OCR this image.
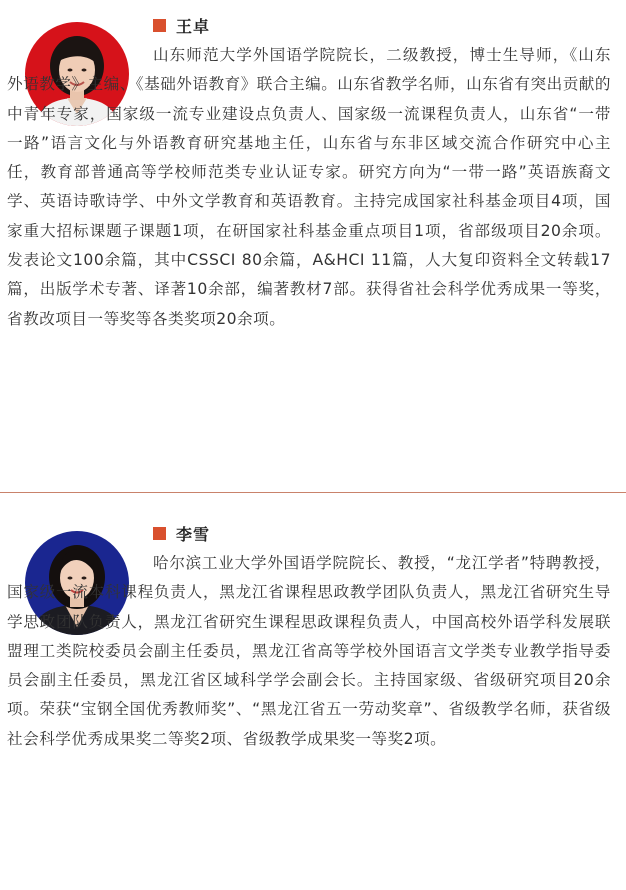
王卓

山东师范大学外国语学院院长，二级教授，博士生导师，《山东外语教学》主编、《基础外语教育》联合主编。山东省教学名师，山东省有突出贡献的中青年专家，国家级一流专业建设点负责人、国家级一流课程负责人，山东省“一带一路”语言文化与外语教育研究基地主任，山东省与东非区域交流合作研究中心主任，教育部普通高等学校师范类专业认证专家。研究方向为“一带一路”英语族裔文学、英语诗歌诗学、中外文学教育和英语教育。主持完成国家社科基金项目4项，国家重大招标课题子课题1项，在研国家社科基金重点项目1项，省部级项目20余项。发表论文100余篇，其中CSSCI 80余篇，A&HCI 11篇，人大复印资料全文转载17篇，出版学术专著、译著10余部，编著教材7部。获得省社会科学优秀成果一等奖，省教改项目一等奖等各类奖项20余项。

李雪

哈尔滨工业大学外国语学院院长、教授，“龙江学者”特聘教授，国家级一流本科课程负责人，黑龙江省课程思政教学团队负责人，黑龙江省研究生导学思政团队负责人，黑龙江省研究生课程思政课程负责人，中国高校外语学科发展联盟理工类院校委员会副主任委员，黑龙江省高等学校外国语言文学类专业教学指导委员会副主任委员，黑龙江省区域科学学会副会长。主持国家级、省级研究项目20余项。荣获“宝钢全国优秀教师奖”、“黑龙江省五一劳动奖章”、省级教学名师，获省级社会科学优秀成果奖二等奖2项、省级教学成果奖一等奖2项。
